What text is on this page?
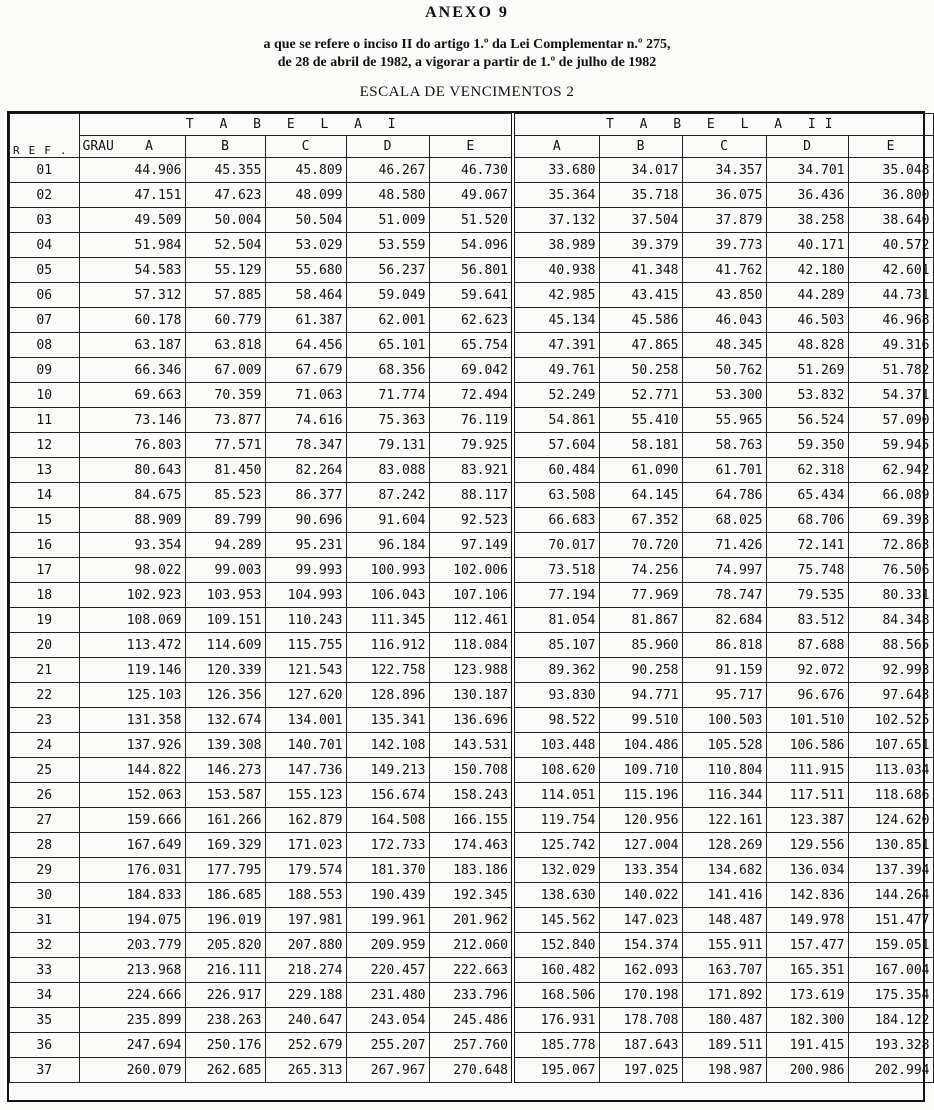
ANEXO 9
a que se refere o inciso II do artigo 1.º da Lei Complementar n.º 275,
de 28 de abril de 1982, a vigorar a partir de 1.º de julho de 1982
ESCALA DE VENCIMENTOS 2
REF.	T A B E L A I					T A B E L A II				
	GRAU A	B	C	D	E	A	B	C	D	E
01	44.906	45.355	45.809	46.267	46.730	33.680	34.017	34.357	34.701	35.048
02	47.151	47.623	48.099	48.580	49.067	35.364	35.718	36.075	36.436	36.800
03	49.509	50.004	50.504	51.009	51.520	37.132	37.504	37.879	38.258	38.640
04	51.984	52.504	53.029	53.559	54.096	38.989	39.379	39.773	40.171	40.572
05	54.583	55.129	55.680	56.237	56.801	40.938	41.348	41.762	42.180	42.601
06	57.312	57.885	58.464	59.049	59.641	42.985	43.415	43.850	44.289	44.731
07	60.178	60.779	61.387	62.001	62.623	45.134	45.586	46.043	46.503	46.968
08	63.187	63.818	64.456	65.101	65.754	47.391	47.865	48.345	48.828	49.316
09	66.346	67.009	67.679	68.356	69.042	49.761	50.258	50.762	51.269	51.782
10	69.663	70.359	71.063	71.774	72.494	52.249	52.771	53.300	53.832	54.371
11	73.146	73.877	74.616	75.363	76.119	54.861	55.410	55.965	56.524	57.090
12	76.803	77.571	78.347	79.131	79.925	57.604	58.181	58.763	59.350	59.945
13	80.643	81.450	82.264	83.088	83.921	60.484	61.090	61.701	62.318	62.942
14	84.675	85.523	86.377	87.242	88.117	63.508	64.145	64.786	65.434	66.089
15	88.909	89.799	90.696	91.604	92.523	66.683	67.352	68.025	68.706	69.393
16	93.354	94.289	95.231	96.184	97.149	70.017	70.720	71.426	72.141	72.863
17	98.022	99.003	99.993	100.993	102.006	73.518	74.256	74.997	75.748	76.506
18	102.923	103.953	104.993	106.043	107.106	77.194	77.969	78.747	79.535	80.331
19	108.069	109.151	110.243	111.345	112.461	81.054	81.867	82.684	83.512	84.348
20	113.472	114.609	115.755	116.912	118.084	85.107	85.960	86.818	87.688	88.565
21	119.146	120.339	121.543	122.758	123.988	89.362	90.258	91.159	92.072	92.993
22	125.103	126.356	127.620	128.896	130.187	93.830	94.771	95.717	96.676	97.643
23	131.358	132.674	134.001	135.341	136.696	98.522	99.510	100.503	101.510	102.525
24	137.926	139.308	140.701	142.108	143.531	103.448	104.486	105.528	106.586	107.651
25	144.822	146.273	147.736	149.213	150.708	108.620	109.710	110.804	111.915	113.034
26	152.063	153.587	155.123	156.674	158.243	114.051	115.196	116.344	117.511	118.686
27	159.666	161.266	162.879	164.508	166.155	119.754	120.956	122.161	123.387	124.620
28	167.649	169.329	171.023	172.733	174.463	125.742	127.004	128.269	129.556	130.851
29	176.031	177.795	179.574	181.370	183.186	132.029	133.354	134.682	136.034	137.394
30	184.833	186.685	188.553	190.439	192.345	138.630	140.022	141.416	142.836	144.264
31	194.075	196.019	197.981	199.961	201.962	145.562	147.023	148.487	149.978	151.477
32	203.779	205.820	207.880	209.959	212.060	152.840	154.374	155.911	157.477	159.051
33	213.968	216.111	218.274	220.457	222.663	160.482	162.093	163.707	165.351	167.004
34	224.666	226.917	229.188	231.480	233.796	168.506	170.198	171.892	173.619	175.354
35	235.899	238.263	240.647	243.054	245.486	176.931	178.708	180.487	182.300	184.122
36	247.694	250.176	252.679	255.207	257.760	185.778	187.643	189.511	191.415	193.328
37	260.079	262.685	265.313	267.967	270.648	195.067	197.025	198.987	200.986	202.994
